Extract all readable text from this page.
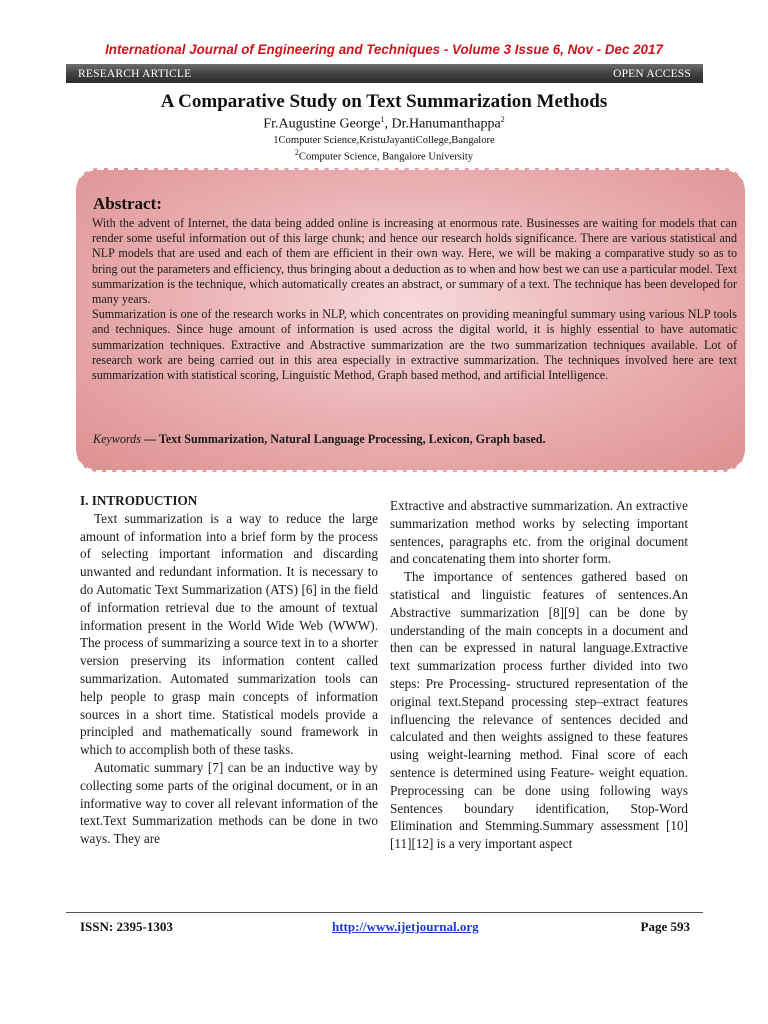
International Journal of Engineering and Techniques - Volume 3 Issue 6, Nov - Dec 2017
RESEARCH ARTICLE	OPEN ACCESS
A Comparative Study on Text Summarization Methods
Fr.Augustine George$^1$, Dr.Hanumanthappa$^2$
1Computer Science,KristuJayantiCollege,Bangalore
$^2$Computer Science, Bangalore University
Abstract:

With the advent of Internet, the data being added online is increasing at enormous rate. Businesses are waiting for models that can render some useful information out of this large chunk; and hence our research holds significance. There are various statistical and NLP models that are used and each of them are efficient in their own way. Here, we will be making a comparative study so as to bring out the parameters and efficiency, thus bringing about a deduction as to when and how best we can use a particular model. Text summarization is the technique, which automatically creates an abstract, or summary of a text. The technique has been developed for many years.

Summarization is one of the research works in NLP, which concentrates on providing meaningful summary using various NLP tools and techniques. Since huge amount of information is used across the digital world, it is highly essential to have automatic summarization techniques. Extractive and Abstractive summarization are the two summarization techniques available. Lot of research work are being carried out in this area especially in extractive summarization. The techniques involved here are text summarization with statistical scoring, Linguistic Method, Graph based method, and artificial Intelligence.

Keywords — Text Summarization, Natural Language Processing, Lexicon, Graph based.
I. INTRODUCTION

Text summarization is a way to reduce the large amount of information into a brief form by the process of selecting important information and discarding unwanted and redundant information. It is necessary to do Automatic Text Summarization (ATS) [6] in the field of information retrieval due to the amount of textual information present in the World Wide Web (WWW). The process of summarizing a source text in to a shorter version preserving its information content called summarization. Automated summarization tools can help people to grasp main concepts of information sources in a short time. Statistical models provide a principled and mathematically sound framework in which to accomplish both of these tasks.

Automatic summary [7] can be an inductive way by collecting some parts of the original document, or in an informative way to cover all relevant information of the text.Text Summarization methods can be done in two ways. They are

Extractive and abstractive summarization. An extractive summarization method works by selecting important sentences, paragraphs etc. from the original document and concatenating them into shorter form.

The importance of sentences gathered based on statistical and linguistic features of sentences.An Abstractive summarization [8][9] can be done by understanding of the main concepts in a document and then can be expressed in natural language.Extractive text summarization process further divided into two steps: Pre Processing- structured representation of the original text.Stepand processing step–extract features influencing the relevance of sentences decided and calculated and then weights assigned to these features using weight-learning method. Final score of each sentence is determined using Feature- weight equation. Preprocessing can be done using following ways Sentences boundary identification, Stop-Word Elimination and Stemming.Summary assessment [10][11][12] is a very important aspect

ISSN: 2395-1303	http://www.ijetjournal.org	Page 593
